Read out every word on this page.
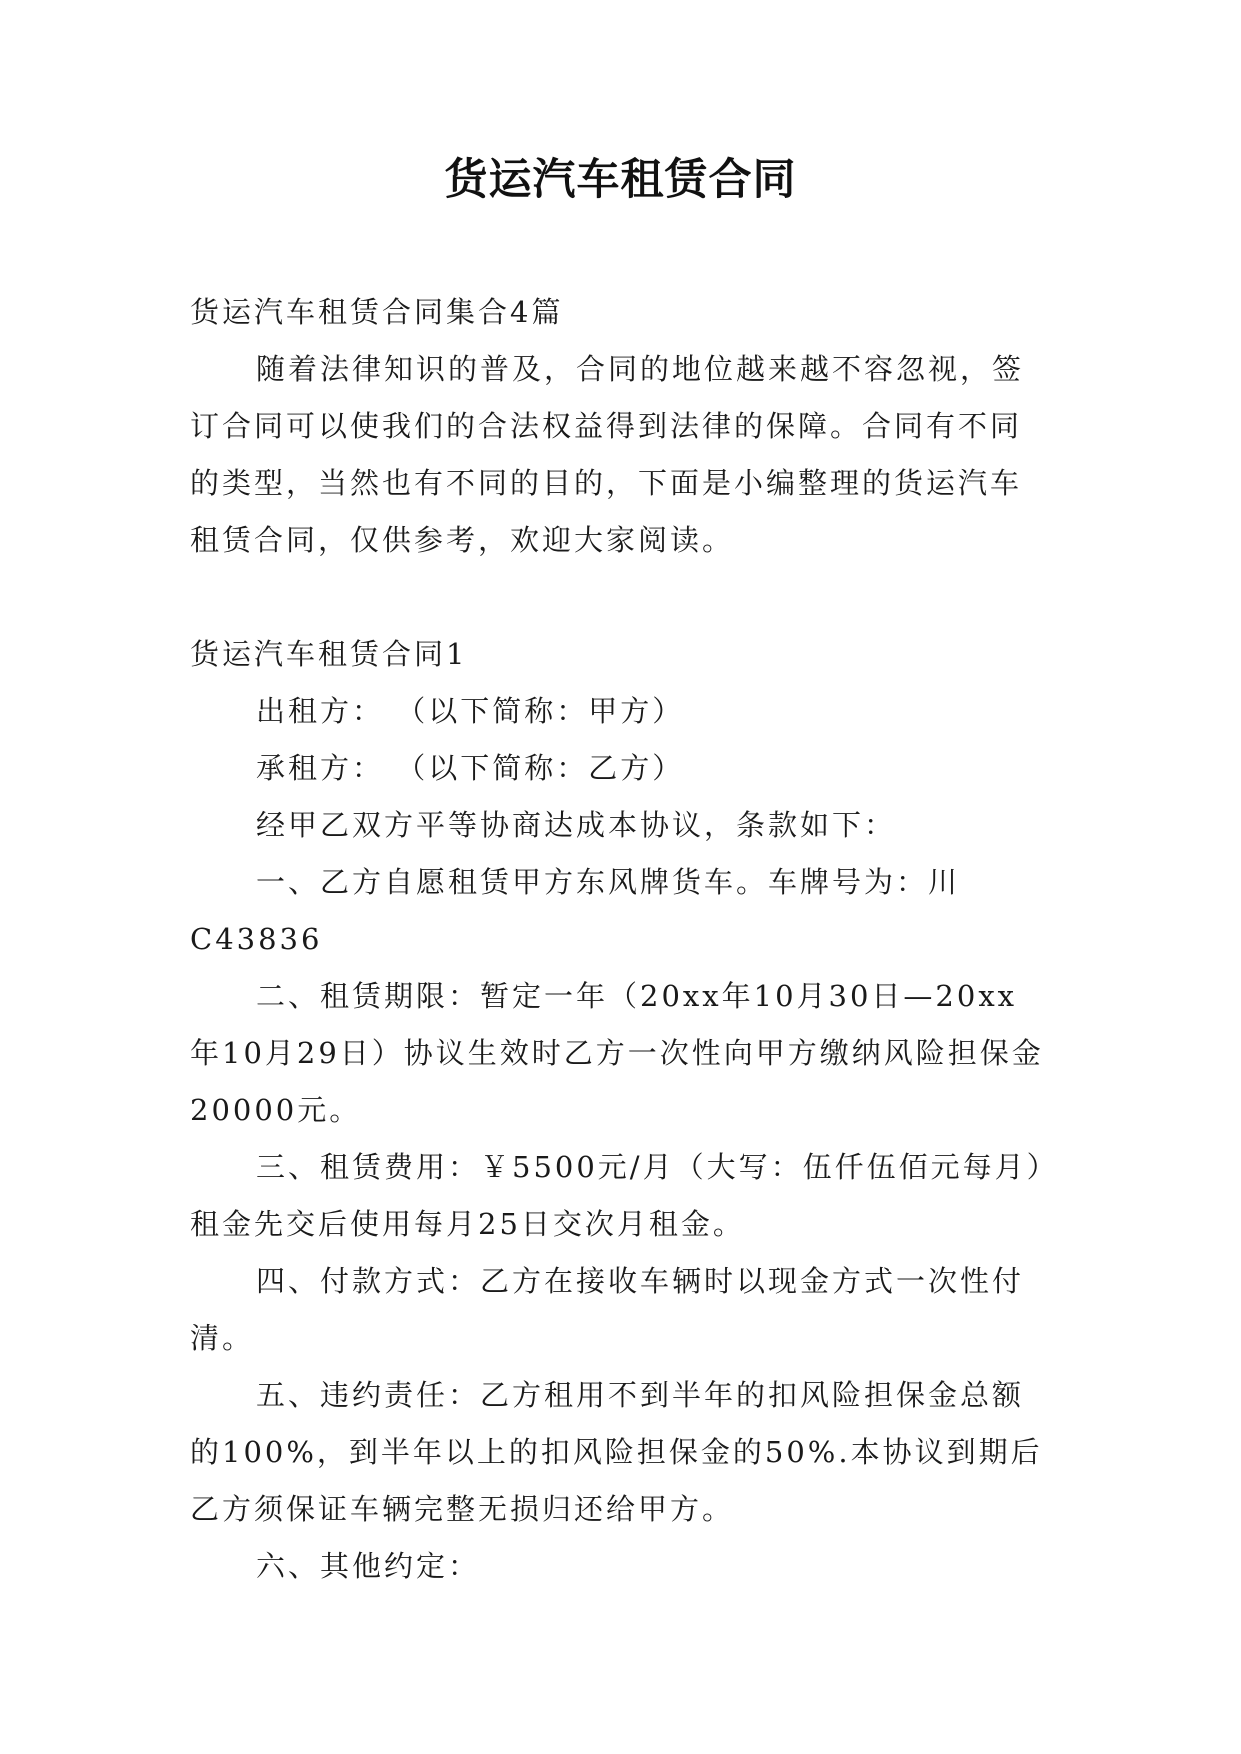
货运汽车租赁合同

货运汽车租赁合同集合4篇

随着法律知识的普及，合同的地位越来越不容忽视，签订合同可以使我们的合法权益得到法律的保障。合同有不同的类型，当然也有不同的目的，下面是小编整理的货运汽车租赁合同，仅供参考，欢迎大家阅读。

货运汽车租赁合同1

出租方： （以下简称：甲方）

承租方： （以下简称：乙方）

经甲乙双方平等协商达成本协议，条款如下：

一、乙方自愿租赁甲方东风牌货车。车牌号为：川C43836

二、租赁期限：暂定一年（20xx年10月30日—20xx年10月29日）协议生效时乙方一次性向甲方缴纳风险担保金20000元。

三、租赁费用：￥5500元/月（大写：伍仟伍佰元每月）租金先交后使用每月25日交次月租金。

四、付款方式：乙方在接收车辆时以现金方式一次性付清。

五、违约责任：乙方租用不到半年的扣风险担保金总额的100%，到半年以上的扣风险担保金的50%.本协议到期后乙方须保证车辆完整无损归还给甲方。

六、其他约定：
